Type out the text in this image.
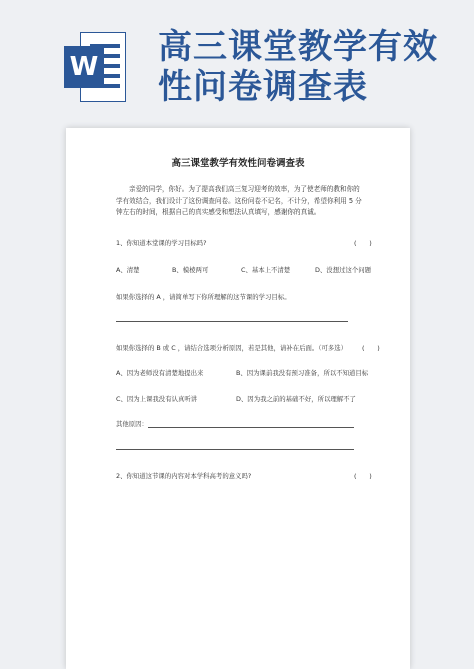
W 高三课堂教学有效性问卷调查表
高三课堂教学有效性问卷调查表

亲爱的同学，你好。为了提高我们高三复习迎考的效率，为了使老师的教和你的学有效结合，我们设计了这份调查问卷。这份问卷不记名，不计分，希望你利用 5 分钟左右的时间，根据自己的真实感受和想法认真填写，感谢你的真诚。

1、你知道本堂课的学习目标吗?	(　　)
A、清楚	B、模棱两可	C、基本上不清楚	D、没想过这个问题
如果你选择的 A ，请简单写下你所理解的这节课的学习目标。
如果你选择的 B 或 C ，请结合选项分析原因，若是其他，请补在后面。（可多选） (　　)
A、因为老师没有清楚地提出来	B、因为课前我没有预习准备，所以不知道目标
C、因为上课我没有认真听讲	D、因为我之前的基础不好，所以理解不了
其他原因：
2、你知道这节课的内容对本学科高考的意义吗?	(　　)
